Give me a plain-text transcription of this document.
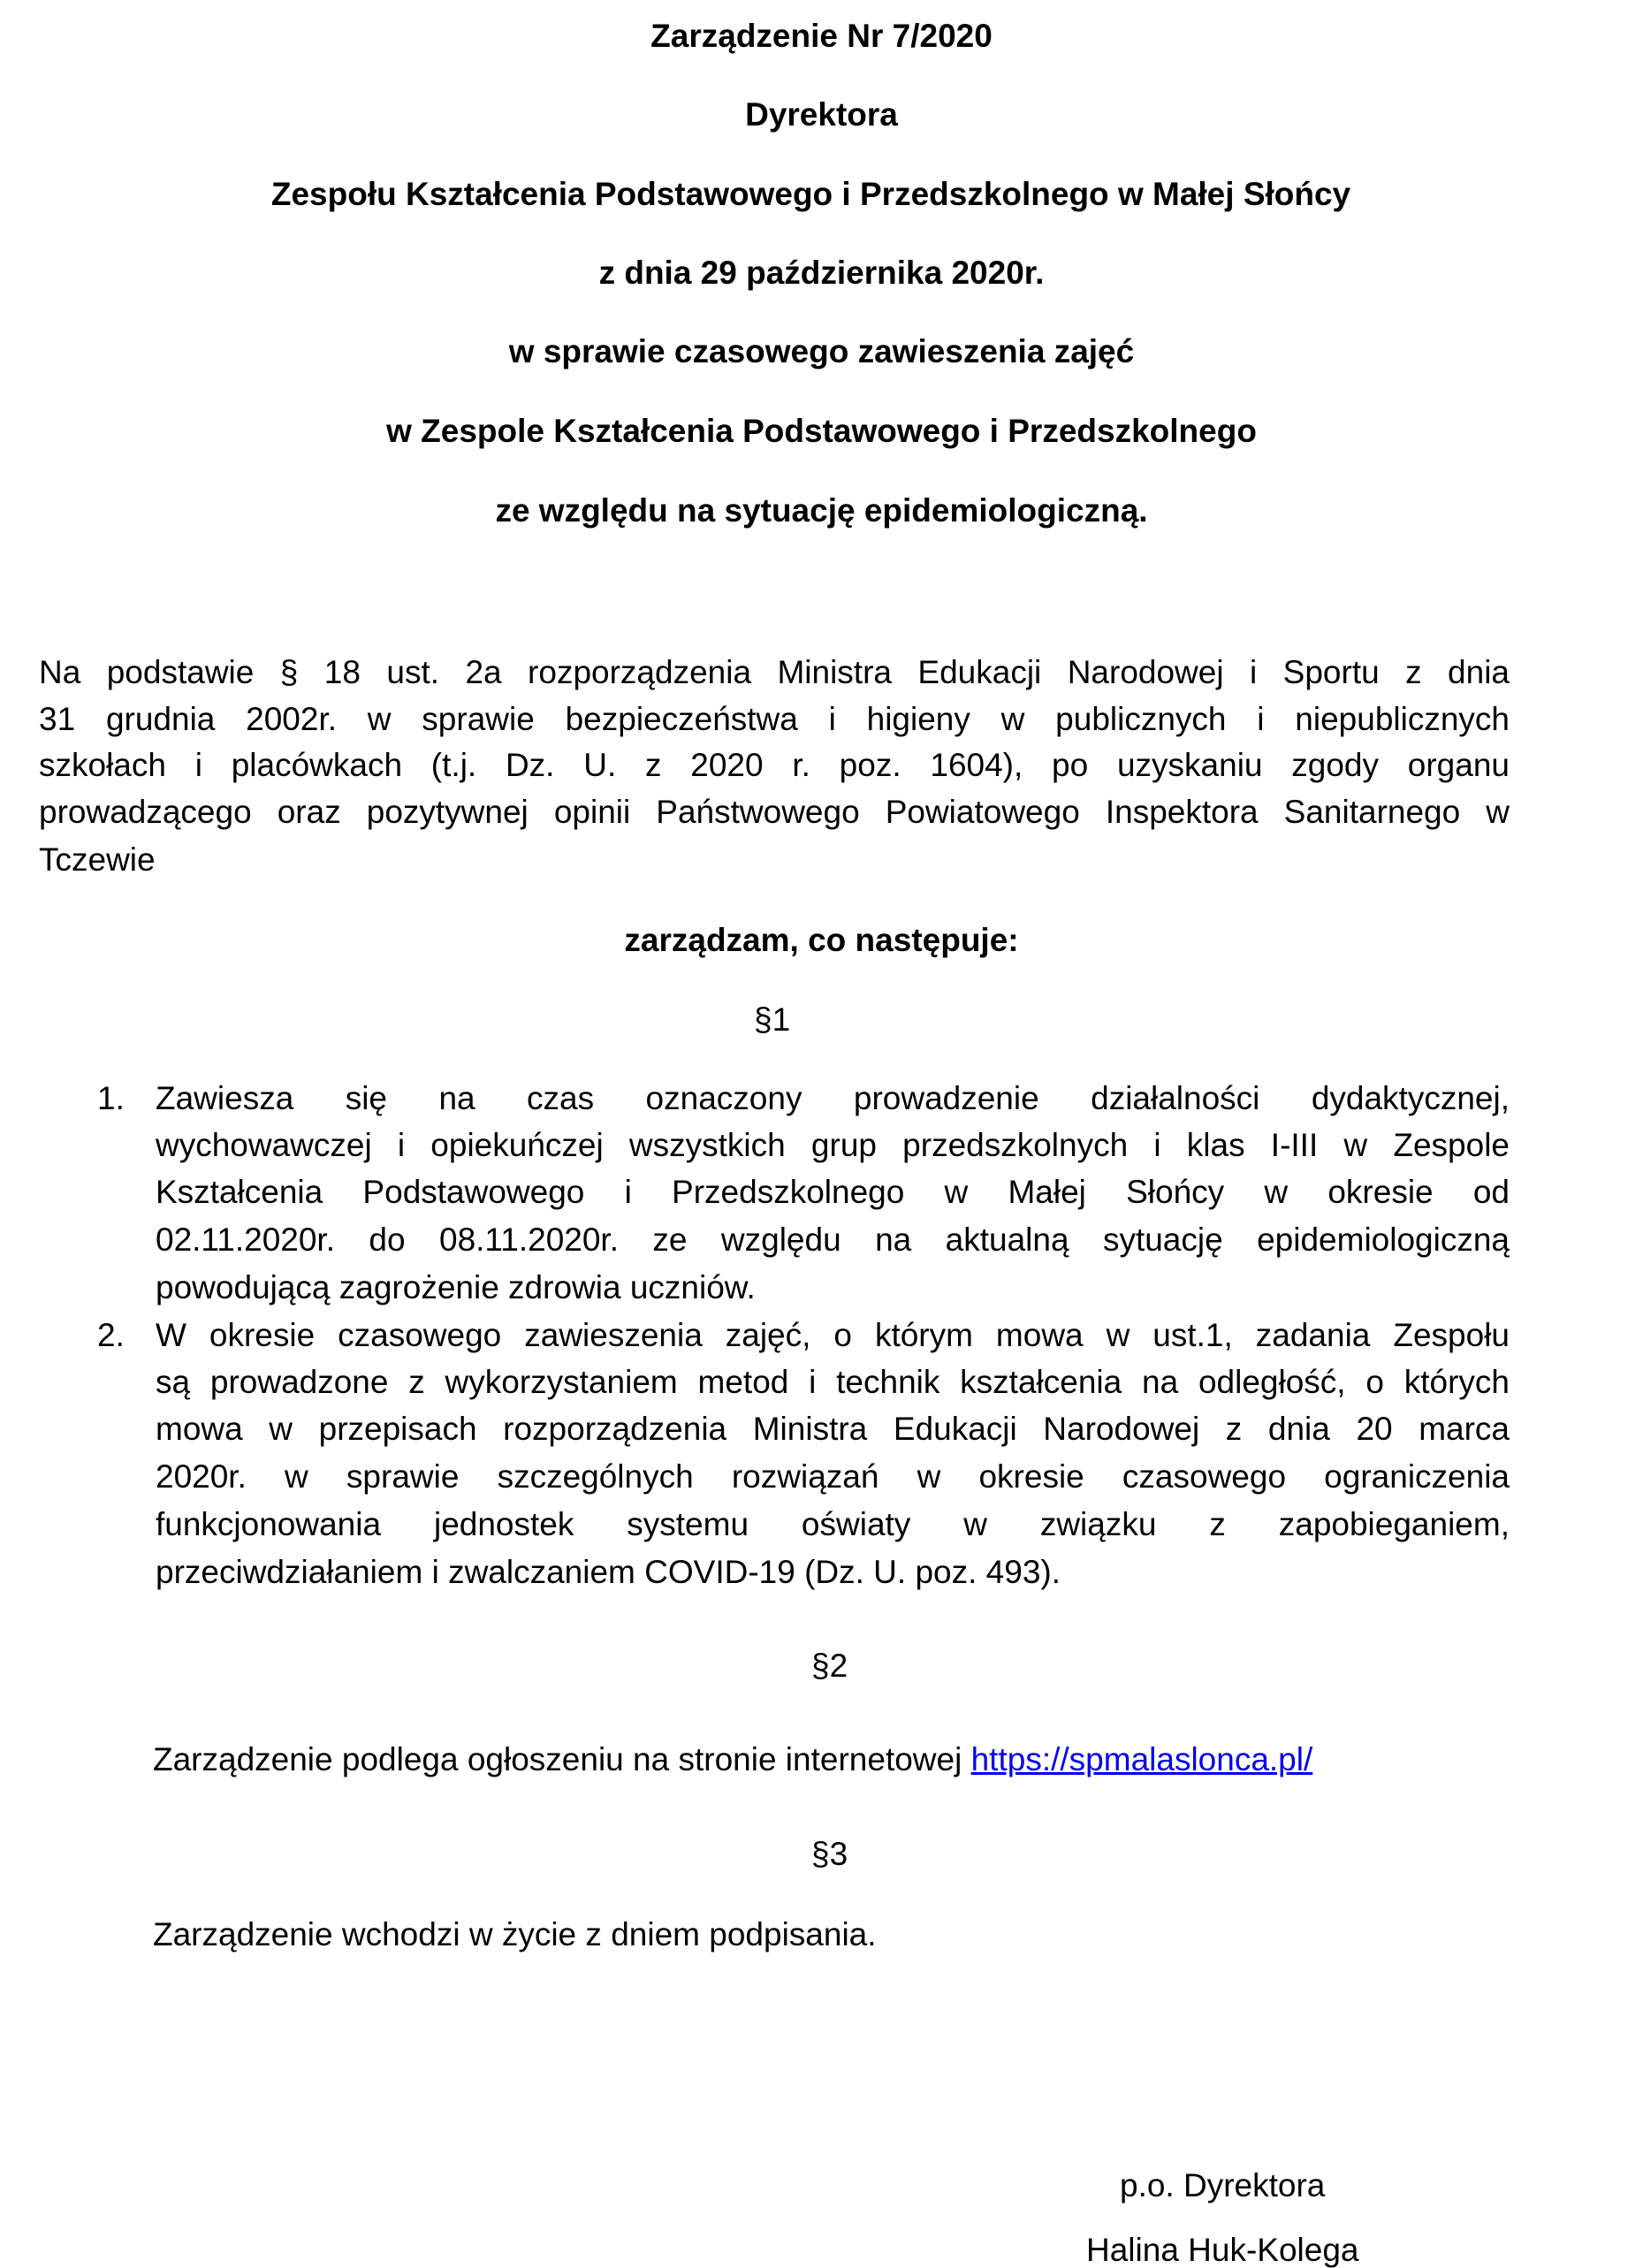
Zarządzenie Nr 7/2020
Dyrektora
Zespołu Kształcenia Podstawowego i Przedszkolnego w Małej Słońcy
z dnia 29 października 2020r.
w sprawie czasowego zawieszenia zajęć
w Zespole Kształcenia Podstawowego i Przedszkolnego
ze względu na sytuację epidemiologiczną.
Na podstawie § 18 ust. 2a rozporządzenia Ministra Edukacji Narodowej i Sportu z dnia
31 grudnia 2002r. w sprawie bezpieczeństwa i higieny w publicznych i niepublicznych
szkołach i placówkach (t.j. Dz. U. z 2020 r. poz. 1604), po uzyskaniu zgody organu
prowadzącego oraz pozytywnej opinii Państwowego Powiatowego Inspektora Sanitarnego w
Tczewie
zarządzam, co następuje:
§1
1. Zawiesza się na czas oznaczony prowadzenie działalności dydaktycznej,
wychowawczej i opiekuńczej wszystkich grup przedszkolnych i klas I-III w Zespole
Kształcenia Podstawowego i Przedszkolnego w Małej Słońcy w okresie od
02.11.2020r. do 08.11.2020r. ze względu na aktualną sytuację epidemiologiczną
powodującą zagrożenie zdrowia uczniów.
2. W okresie czasowego zawieszenia zajęć, o którym mowa w ust.1, zadania Zespołu
są prowadzone z wykorzystaniem metod i technik kształcenia na odległość, o których
mowa w przepisach rozporządzenia Ministra Edukacji Narodowej z dnia 20 marca
2020r. w sprawie szczególnych rozwiązań w okresie czasowego ograniczenia
funkcjonowania jednostek systemu oświaty w związku z zapobieganiem,
przeciwdziałaniem i zwalczaniem COVID-19 (Dz. U. poz. 493).
§2
Zarządzenie podlega ogłoszeniu na stronie internetowej https://spmalaslonca.pl/
§3
Zarządzenie wchodzi w życie z dniem podpisania.
p.o. Dyrektora
Halina Huk-Kolega
